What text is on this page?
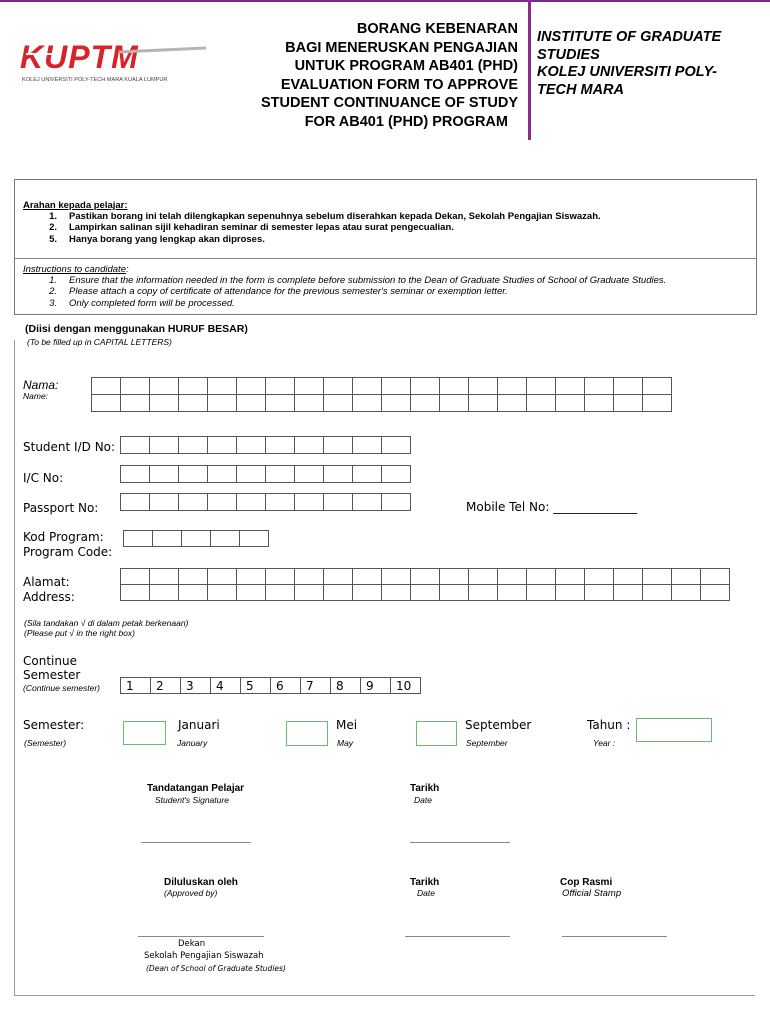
KUPTM
KOLEJ UNIVERSITI POLY-TECH MARA KUALA LUMPUR
BORANG KEBENARAN
BAGI MENERUSKAN PENGAJIAN
UNTUK PROGRAM AB401 (PHD)
EVALUATION FORM TO APPROVE
STUDENT CONTINUANCE OF STUDY
FOR AB401 (PHD) PROGRAM
INSTITUTE OF GRADUATE
STUDIES
KOLEJ UNIVERSITI POLY-
TECH MARA
Arahan kepada pelajar:
1. Pastikan borang ini telah dilengkapkan sepenuhnya sebelum diserahkan kepada Dekan, Sekolah Pengajian Siswazah.
2. Lampirkan salinan sijil kehadiran seminar di semester lepas atau surat pengecualian.
5. Hanya borang yang lengkap akan diproses.
Instructions to candidate:
1. Ensure that the information needed in the form is complete before submission to the Dean of Graduate Studies of School of Graduate Studies.
2. Please attach a copy of certificate of attendance for the previous semester's seminar or exemption letter.
3. Only completed form will be processed.
(Diisi dengan menggunakan HURUF BESAR)
(To be filled up in CAPITAL LETTERS)
Nama:
Name:

Student I/D No:

I/C No:

Passport No:
										Mobile Tel No: ______________
Kod Program:
Program Code:

Alamat:
Address:

(Sila tandakan √ di dalam petak berkenaan)
(Please put √ in the right box)
Continue
Semester
(Continue semester) 1	2	3	4	5	6	7	8	9	10
Semester:
(Semester)
Januari
January
Mei
May
September
September
Tahun :
Year :
Tandatangan Pelajar
Student's Signature
Tarikh
Date
Diluluskan oleh
(Approved by)
Tarikh
Date
Cop Rasmi
Official Stamp
Dekan
Sekolah Pengajian Siswazah
(Dean of School of Graduate Studies)
